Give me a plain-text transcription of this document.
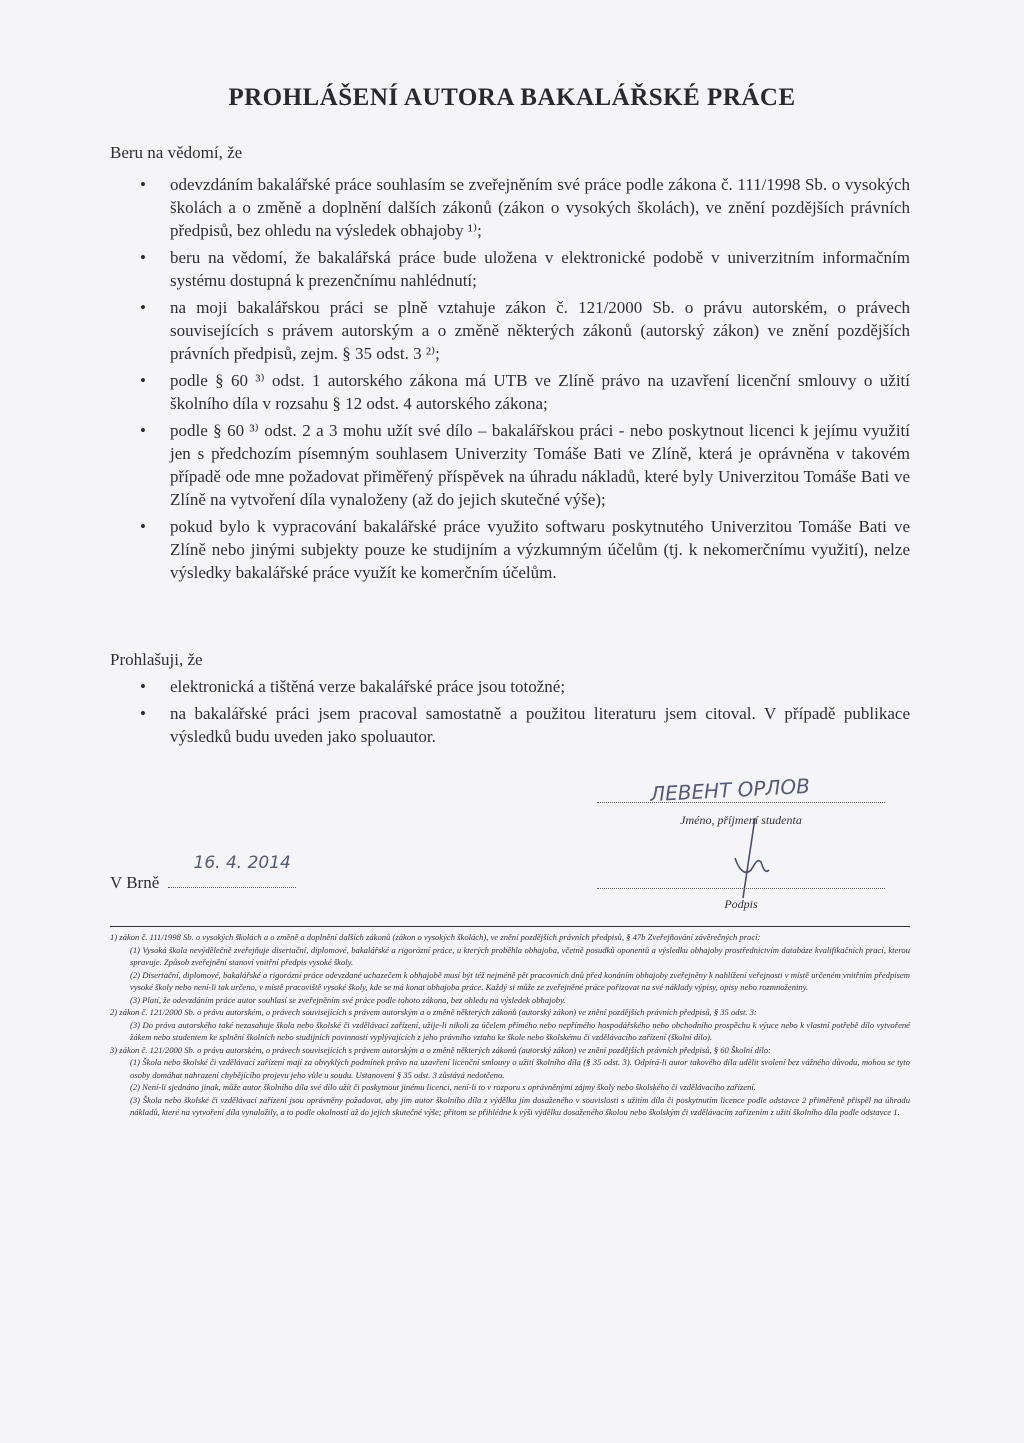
PROHLÁŠENÍ AUTORA BAKALÁŘSKÉ PRÁCE
Beru na vědomí, že
• odevzdáním bakalářské práce souhlasím se zveřejněním své práce podle zákona č. 111/1998 Sb. o vysokých školách a o změně a doplnění dalších zákonů (zákon o vysokých školách), ve znění pozdějších právních předpisů, bez ohledu na výsledek obhajoby ¹⁾;
• beru na vědomí, že bakalářská práce bude uložena v elektronické podobě v univerzitním informačním systému dostupná k prezenčnímu nahlédnutí;
• na moji bakalářskou práci se plně vztahuje zákon č. 121/2000 Sb. o právu autorském, o právech souvisejících s právem autorským a o změně některých zákonů (autorský zákon) ve znění pozdějších právních předpisů, zejm. § 35 odst. 3 ²⁾;
• podle § 60 ³⁾ odst. 1 autorského zákona má UTB ve Zlíně právo na uzavření licenční smlouvy o užití školního díla v rozsahu § 12 odst. 4 autorského zákona;
• podle § 60 ³⁾ odst. 2 a 3 mohu užít své dílo – bakalářskou práci - nebo poskytnout licenci k jejímu využití jen s předchozím písemným souhlasem Univerzity Tomáše Bati ve Zlíně, která je oprávněna v takovém případě ode mne požadovat přiměřený příspěvek na úhradu nákladů, které byly Univerzitou Tomáše Bati ve Zlíně na vytvoření díla vynaloženy (až do jejich skutečné výše);
• pokud bylo k vypracování bakalářské práce využito softwaru poskytnutého Univerzitou Tomáše Bati ve Zlíně nebo jinými subjekty pouze ke studijním a výzkumným účelům (tj. k nekomerčnímu využití), nelze výsledky bakalářské práce využít ke komerčním účelům.
Prohlašuji, že
• elektronická a tištěná verze bakalářské práce jsou totožné;
• na bakalářské práci jsem pracoval samostatně a použitou literaturu jsem citoval. V případě publikace výsledků budu uveden jako spoluautor.
ЛЕВЕНТ ОРЛОВ
Jméno, příjmení studenta
V Brně
16. 4. 2014
Podpis

1) zákon č. 111/1998 Sb. o vysokých školách a o změně a doplnění dalších zákonů (zákon o vysokých školách), ve znění pozdějších právních předpisů, § 47b Zveřejňování závěrečných prací:

(1) Vysoká škola nevýdělečně zveřejňuje disertační, diplomové, bakalářské a rigorózní práce, u kterých proběhla obhajoba, včetně posudků oponentů a výsledku obhajoby prostřednictvím databáze kvalifikačních prací, kterou spravuje. Způsob zveřejnění stanoví vnitřní předpis vysoké školy.

(2) Disertační, diplomové, bakalářské a rigorózní práce odevzdané uchazečem k obhajobě musí být též nejméně pět pracovních dnů před konáním obhajoby zveřejněny k nahlížení veřejnosti v místě určeném vnitřním předpisem vysoké školy nebo není-li tak určeno, v místě pracoviště vysoké školy, kde se má konat obhajoba práce. Každý si může ze zveřejněné práce pořizovat na své náklady výpisy, opisy nebo rozmnoženiny.

(3) Platí, že odevzdáním práce autor souhlasí se zveřejněním své práce podle tohoto zákona, bez ohledu na výsledek obhajoby.

2) zákon č. 121/2000 Sb. o právu autorském, o právech souvisejících s právem autorským a o změně některých zákonů (autorský zákon) ve znění pozdějších právních předpisů, § 35 odst. 3:

(3) Do práva autorského také nezasahuje škola nebo školské či vzdělávací zařízení, užije-li nikoli za účelem přímého nebo nepřímého hospodářského nebo obchodního prospěchu k výuce nebo k vlastní potřebě dílo vytvořené žákem nebo studentem ke splnění školních nebo studijních povinností vyplývajících z jeho právního vztahu ke škole nebo školskému či vzdělávacího zařízení (školní dílo).

3) zákon č. 121/2000 Sb. o právu autorském, o právech souvisejících s právem autorským a o změně některých zákonů (autorský zákon) ve znění pozdějších právních předpisů, § 60 Školní dílo:

(1) Škola nebo školské či vzdělávací zařízení mají za obvyklých podmínek právo na uzavření licenční smlouvy o užití školního díla (§ 35 odst. 3). Odpírá-li autor takového díla udělit svolení bez vážného důvodu, mohou se tyto osoby domáhat nahrazení chybějícího projevu jeho vůle u soudu. Ustanovení § 35 odst. 3 zůstává nedotčeno.

(2) Není-li sjednáno jinak, může autor školního díla své dílo užít či poskytnout jinému licenci, není-li to v rozporu s oprávněnými zájmy školy nebo školského či vzdělávacího zařízení.

(3) Škola nebo školské či vzdělávací zařízení jsou oprávněny požadovat, aby jim autor školního díla z výdělku jím dosaženého v souvislosti s užitím díla či poskytnutím licence podle odstavce 2 přiměřeně přispěl na úhradu nákladů, které na vytvoření díla vynaložily, a to podle okolností až do jejich skutečné výše; přitom se přihlédne k výši výdělku dosaženého školou nebo školským či vzdělávacím zařízením z užití školního díla podle odstavce 1.
